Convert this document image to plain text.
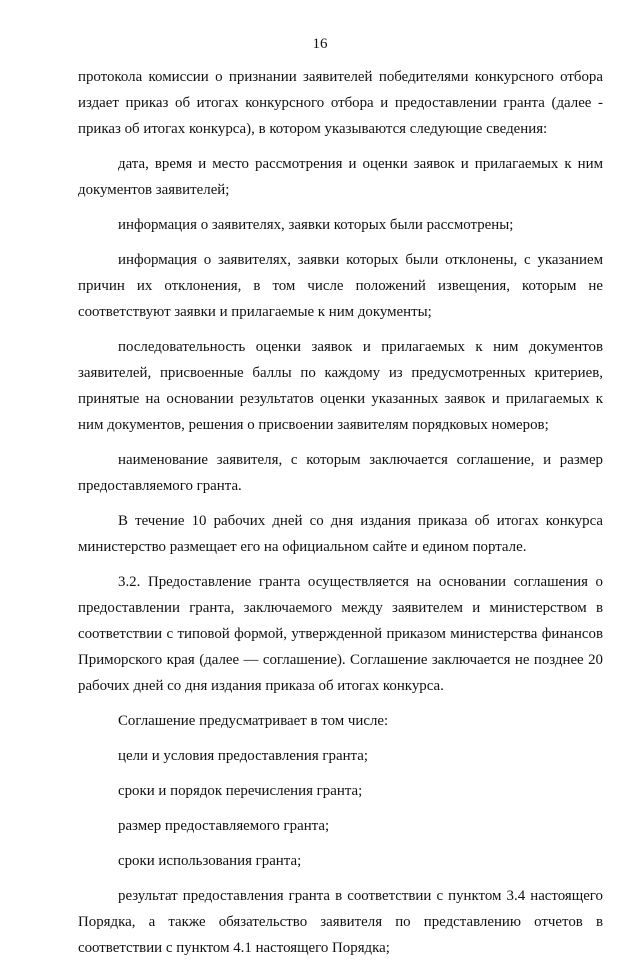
16

протокола комиссии о признании заявителей победителями конкурсного отбора издает приказ об итогах конкурсного отбора и предоставлении гранта (далее - приказ об итогах конкурса), в котором указываются следующие сведения:

дата, время и место рассмотрения и оценки заявок и прилагаемых к ним документов заявителей;

информация о заявителях, заявки которых были рассмотрены;

информация о заявителях, заявки которых были отклонены, с указанием причин их отклонения, в том числе положений извещения, которым не соответствуют заявки и прилагаемые к ним документы;

последовательность оценки заявок и прилагаемых к ним документов заявителей, присвоенные баллы по каждому из предусмотренных критериев, принятые на основании результатов оценки указанных заявок и прилагаемых к ним документов, решения о присвоении заявителям порядковых номеров;

наименование заявителя, с которым заключается соглашение, и размер предоставляемого гранта.

В течение 10 рабочих дней со дня издания приказа об итогах конкурса министерство размещает его на официальном сайте и едином портале.

3.2. Предоставление гранта осуществляется на основании соглашения о предоставлении гранта, заключаемого между заявителем и министерством в соответствии с типовой формой, утвержденной приказом министерства финансов Приморского края (далее — соглашение). Соглашение заключается не позднее 20 рабочих дней со дня издания приказа об итогах конкурса.

Соглашение предусматривает в том числе:

цели и условия предоставления гранта;

сроки и порядок перечисления гранта;

размер предоставляемого гранта;

сроки использования гранта;

результат предоставления гранта в соответствии с пунктом 3.4 настоящего Порядка, а также обязательство заявителя по представлению отчетов в соответствии с пунктом 4.1 настоящего Порядка;
